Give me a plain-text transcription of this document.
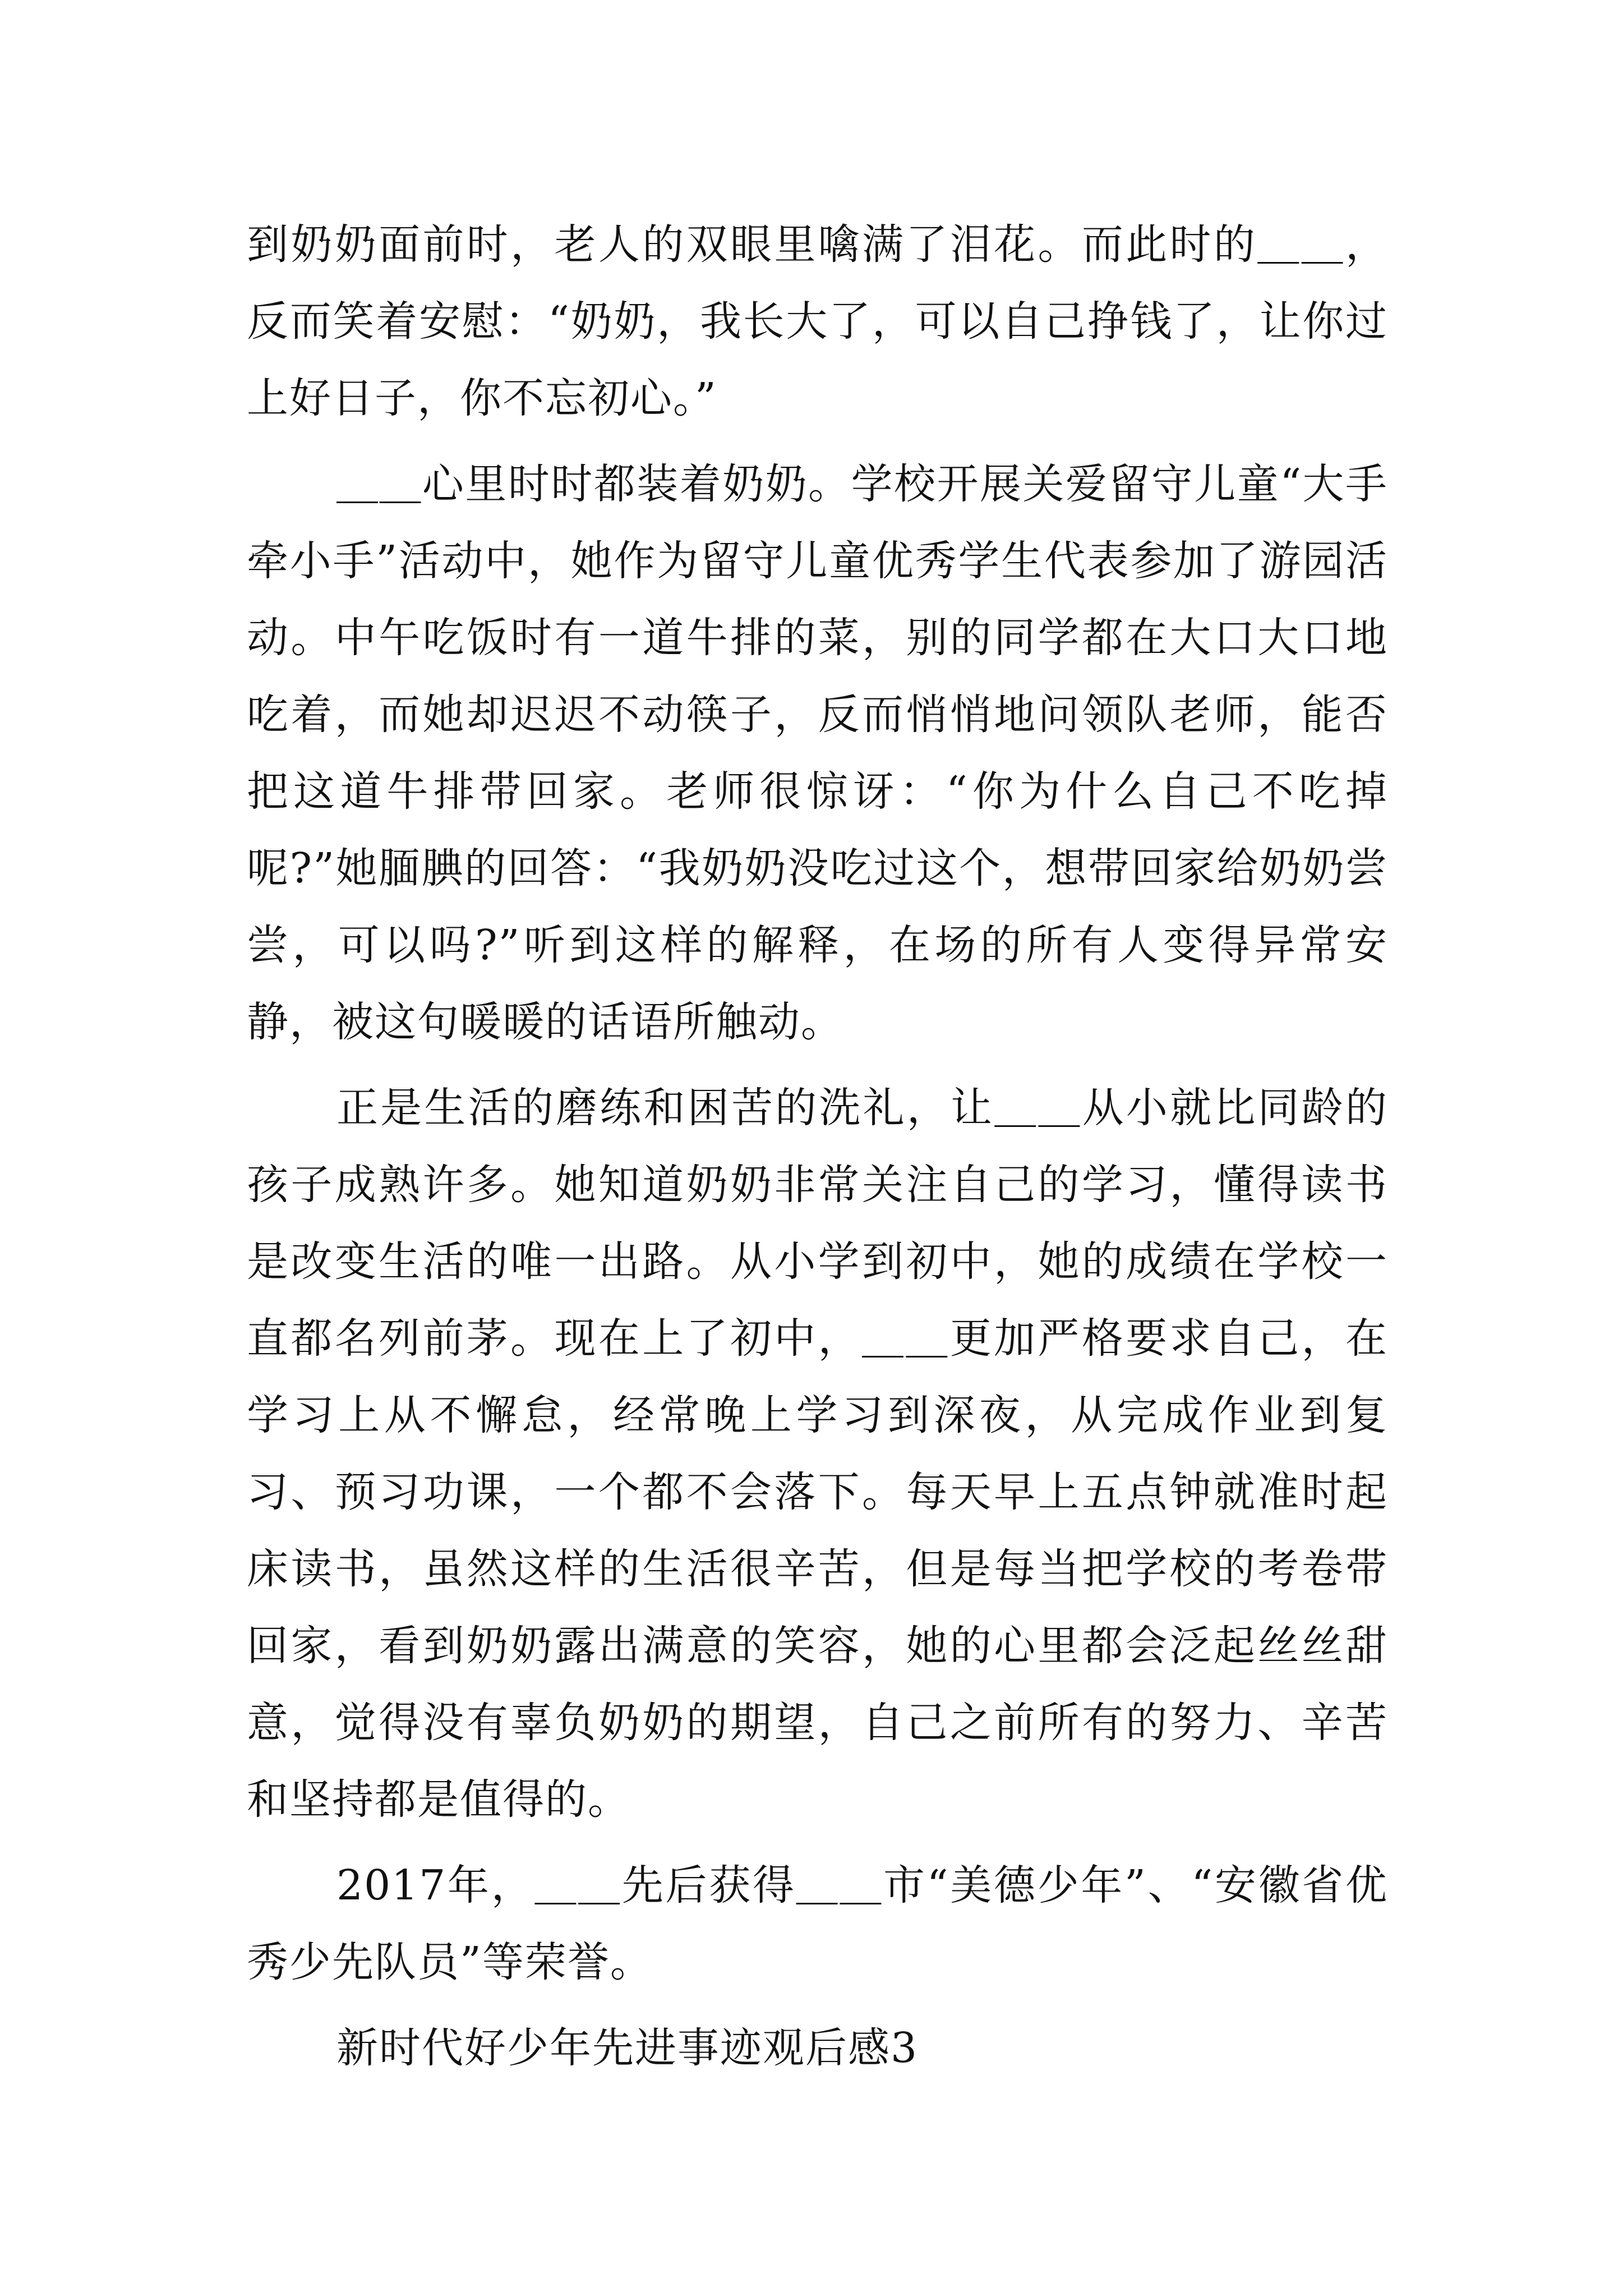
到奶奶面前时，老人的双眼里噙满了泪花。而此时的＿＿，反而笑着安慰：“奶奶，我长大了，可以自己挣钱了，让你过上好日子，你不忘初心。”

＿＿心里时时都装着奶奶。学校开展关爱留守儿童“大手牵小手”活动中，她作为留守儿童优秀学生代表参加了游园活动。中午吃饭时有一道牛排的菜，别的同学都在大口大口地吃着，而她却迟迟不动筷子，反而悄悄地问领队老师，能否把这道牛排带回家。老师很惊讶：“你为什么自己不吃掉呢?”她腼腆的回答：“我奶奶没吃过这个，想带回家给奶奶尝尝，可以吗?”听到这样的解释，在场的所有人变得异常安静，被这句暖暖的话语所触动。

正是生活的磨练和困苦的洗礼，让＿＿从小就比同龄的孩子成熟许多。她知道奶奶非常关注自己的学习，懂得读书是改变生活的唯一出路。从小学到初中，她的成绩在学校一直都名列前茅。现在上了初中，＿＿更加严格要求自己，在学习上从不懈怠，经常晚上学习到深夜，从完成作业到复习、预习功课，一个都不会落下。每天早上五点钟就准时起床读书，虽然这样的生活很辛苦，但是每当把学校的考卷带回家，看到奶奶露出满意的笑容，她的心里都会泛起丝丝甜意，觉得没有辜负奶奶的期望，自己之前所有的努力、辛苦和坚持都是值得的。

2017年，＿＿先后获得＿＿市“美德少年”、“安徽省优秀少先队员”等荣誉。

新时代好少年先进事迹观后感3
